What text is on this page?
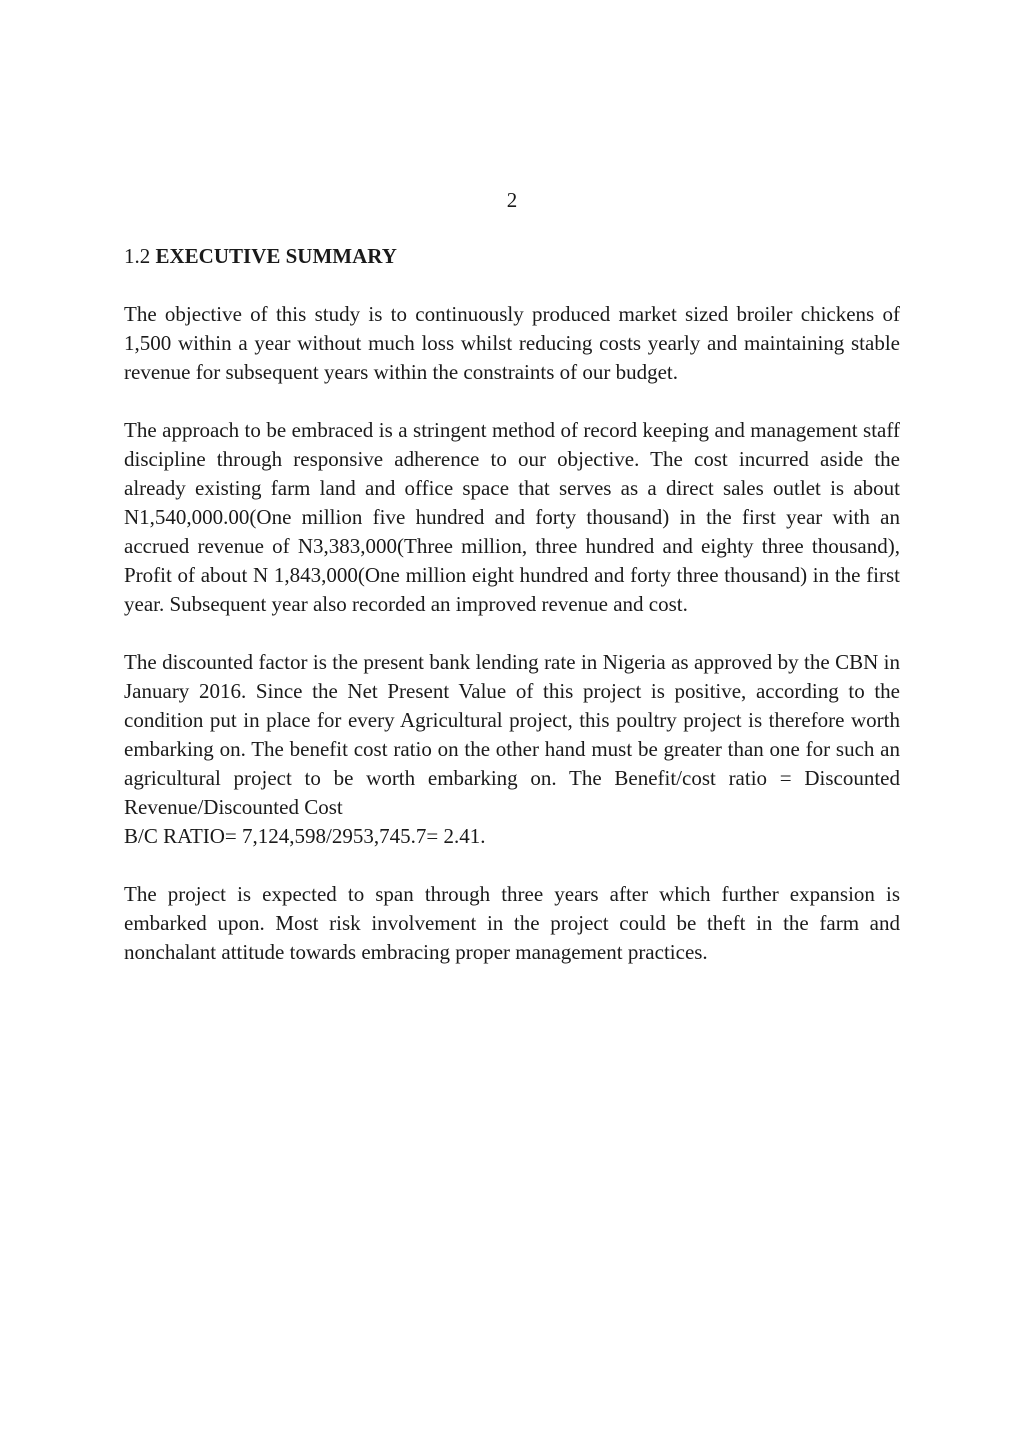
2

1.2 EXECUTIVE SUMMARY

The objective of this study is to continuously produced market sized broiler chickens of 1,500 within a year without much loss whilst reducing costs yearly and maintaining stable revenue for subsequent years within the constraints of our budget.

The approach to be embraced is a stringent method of record keeping and management staff discipline through responsive adherence to our objective. The cost incurred aside the already existing farm land and office space that serves as a direct sales outlet is about N1,540,000.00(One million five hundred and forty thousand) in the first year with an accrued revenue of N3,383,000(Three million, three hundred and eighty three thousand), Profit of about N 1,843,000(One million eight hundred and forty three thousand) in the first year. Subsequent year also recorded an improved revenue and cost.

The discounted factor is the present bank lending rate in Nigeria as approved by the CBN in January 2016. Since the Net Present Value of this project is positive, according to the condition put in place for every Agricultural project, this poultry project is therefore worth embarking on. The benefit cost ratio on the other hand must be greater than one for such an agricultural project to be worth embarking on. The Benefit/cost ratio = Discounted Revenue/Discounted Cost
B/C RATIO= 7,124,598/2953,745.7= 2.41.

The project is expected to span through three years after which further expansion is embarked upon. Most risk involvement in the project could be theft in the farm and nonchalant attitude towards embracing proper management practices.
